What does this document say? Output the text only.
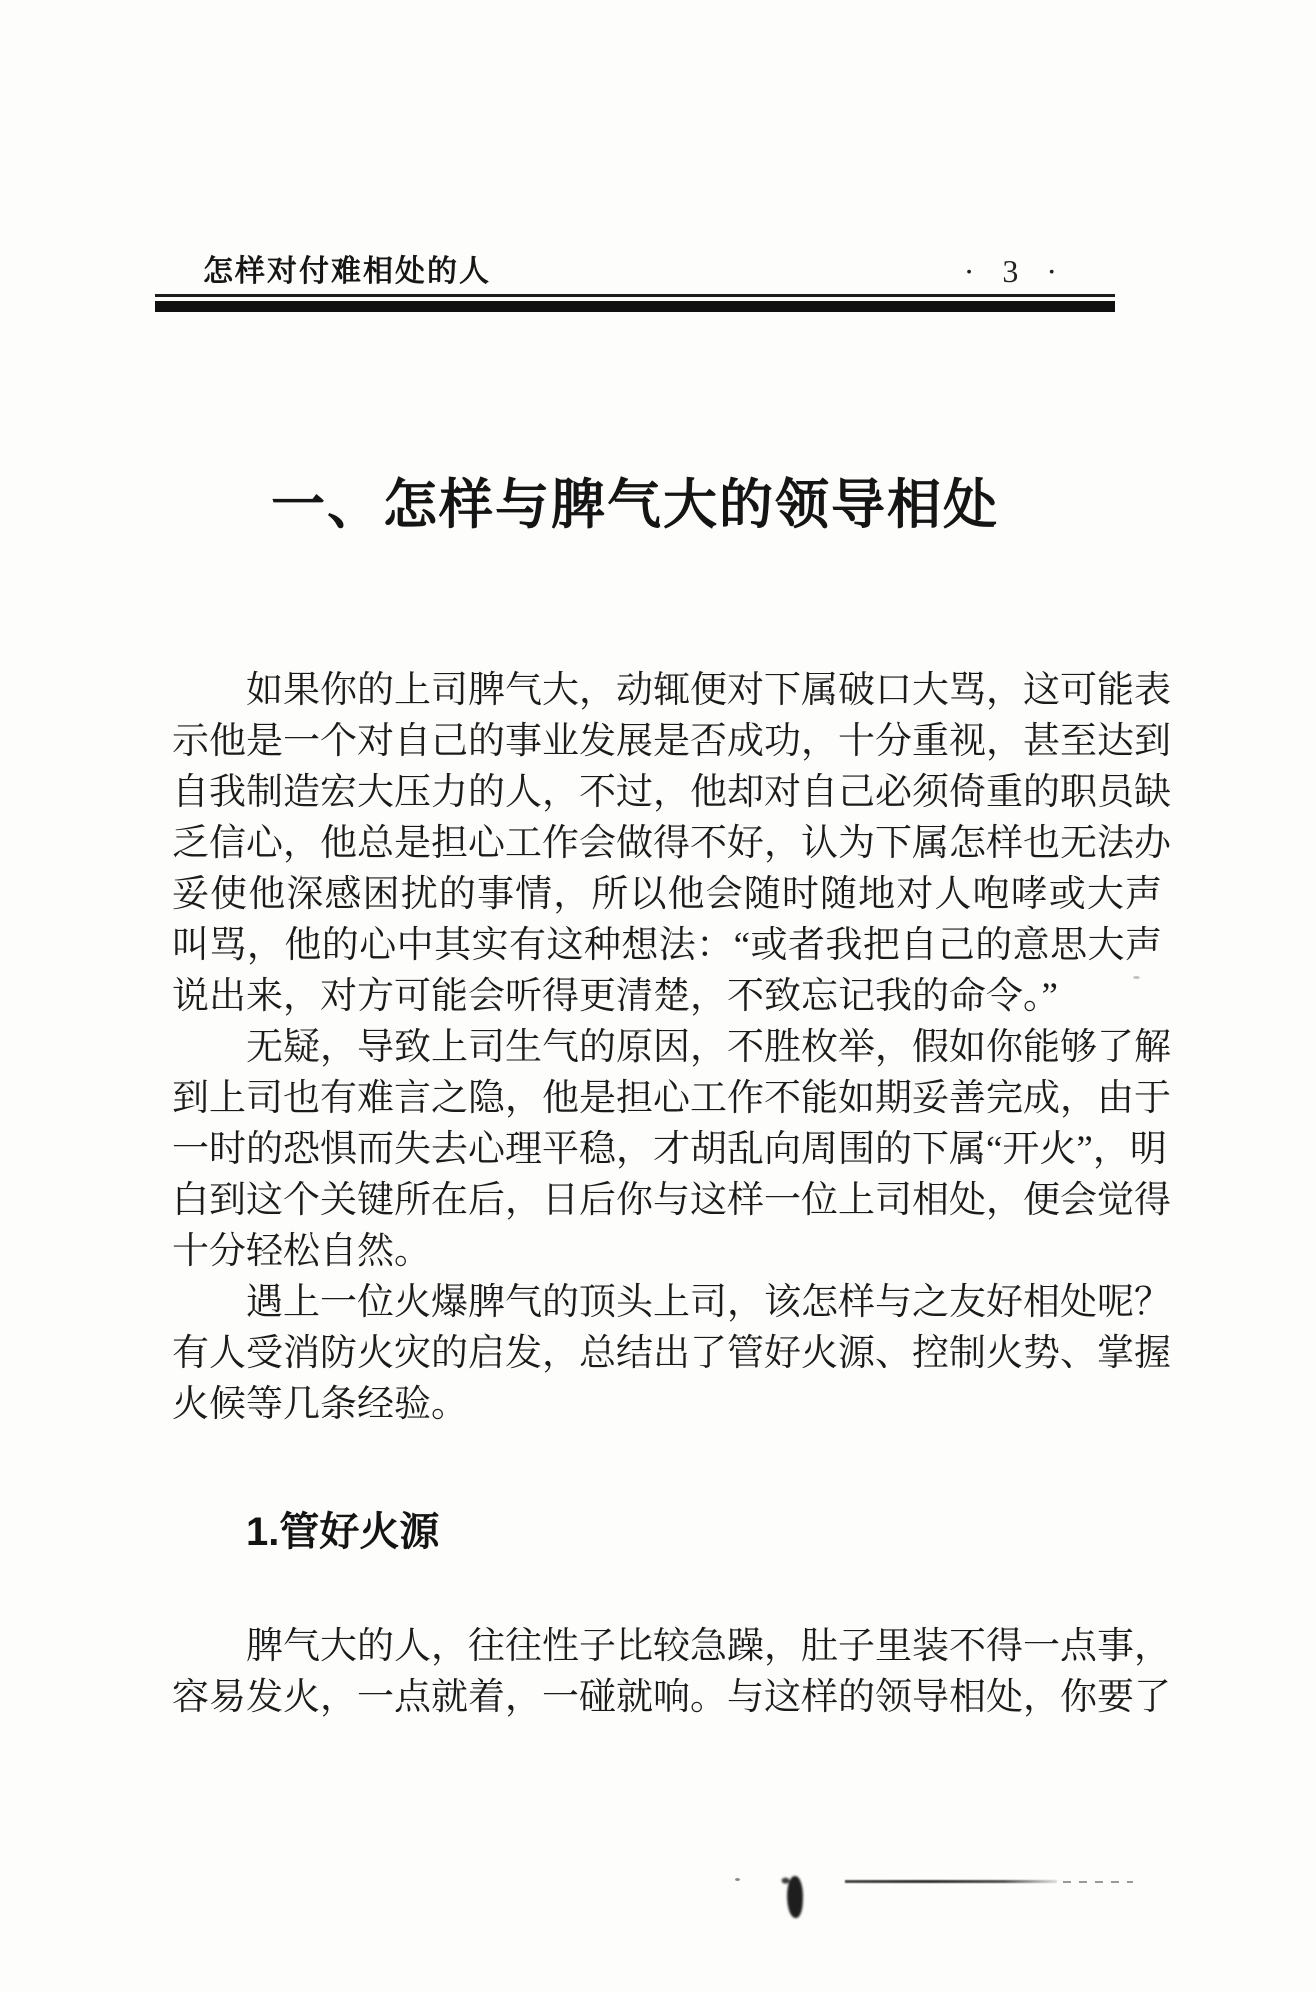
怎样对付难相处的人	· 3 ·
一、怎样与脾气大的领导相处
　　如果你的上司脾气大，动辄便对下属破口大骂，这可能表
示他是一个对自己的事业发展是否成功，十分重视，甚至达到
自我制造宏大压力的人，不过，他却对自己必须倚重的职员缺
乏信心，他总是担心工作会做得不好，认为下属怎样也无法办
妥使他深感困扰的事情，所以他会随时随地对人咆哮或大声
叫骂，他的心中其实有这种想法：“或者我把自己的意思大声
说出来，对方可能会听得更清楚，不致忘记我的命令。”
　　无疑，导致上司生气的原因，不胜枚举，假如你能够了解
到上司也有难言之隐，他是担心工作不能如期妥善完成，由于
一时的恐惧而失去心理平稳，才胡乱向周围的下属“开火”，明
白到这个关键所在后，日后你与这样一位上司相处，便会觉得
十分轻松自然。
　　遇上一位火爆脾气的顶头上司，该怎样与之友好相处呢？
有人受消防火灾的启发，总结出了管好火源、控制火势、掌握
火候等几条经验。
1.管好火源
　　脾气大的人，往往性子比较急躁，肚子里装不得一点事，
容易发火，一点就着，一碰就响。与这样的领导相处，你要了
